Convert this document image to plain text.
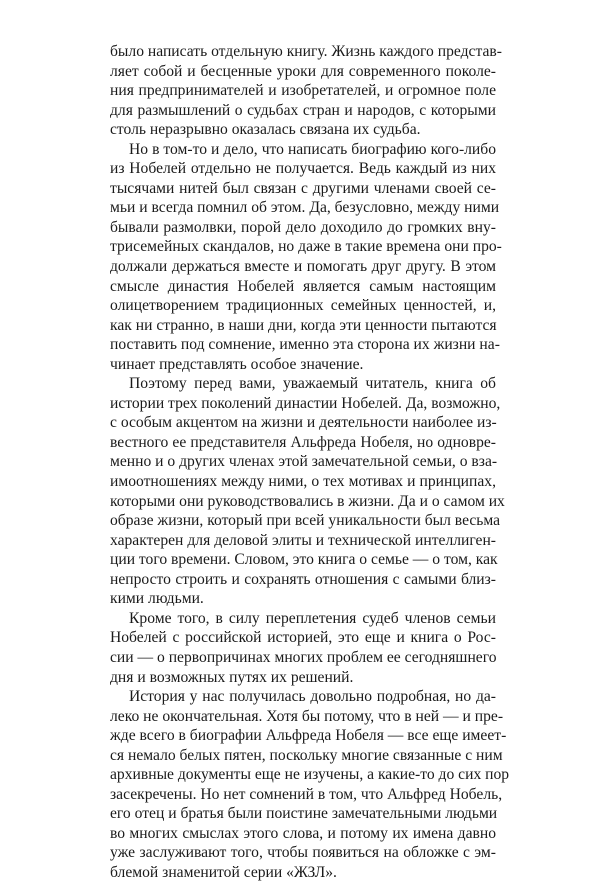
было написать отдельную книгу. Жизнь каждого представ-
ляет собой и бесценные уроки для современного поколе-
ния предпринимателей и изобретателей, и огромное поле
для размышлений о судьбах стран и народов, с которыми
столь неразрывно оказалась связана их судьба.

Но в том-то и дело, что написать биографию кого-либо
из Нобелей отдельно не получается. Ведь каждый из них
тысячами нитей был связан с другими членами своей се-
мьи и всегда помнил об этом. Да, безусловно, между ними
бывали размолвки, порой дело доходило до громких вну-
трисемейных скандалов, но даже в такие времена они про-
должали держаться вместе и помогать друг другу. В этом
смысле династия Нобелей является самым настоящим
олицетворением традиционных семейных ценностей, и,
как ни странно, в наши дни, когда эти ценности пытаются
поставить под сомнение, именно эта сторона их жизни на-
чинает представлять особое значение.

Поэтому перед вами, уважаемый читатель, книга об
истории трех поколений династии Нобелей. Да, возможно,
с особым акцентом на жизни и деятельности наиболее из-
вестного ее представителя Альфреда Нобеля, но одновре-
менно и о других членах этой замечательной семьи, о вза-
имоотношениях между ними, о тех мотивах и принципах,
которыми они руководствовались в жизни. Да и о самом их
образе жизни, который при всей уникальности был весьма
характерен для деловой элиты и технической интеллиген-
ции того времени. Словом, это книга о семье — о том, как
непросто строить и сохранять отношения с самыми близ-
кими людьми.

Кроме того, в силу переплетения судеб членов семьи
Нобелей с российской историей, это еще и книга о Рос-
сии — о первопричинах многих проблем ее сегодняшнего
дня и возможных путях их решений.

История у нас получилась довольно подробная, но да-
леко не окончательная. Хотя бы потому, что в ней — и пре-
жде всего в биографии Альфреда Нобеля — все еще имеет-
ся немало белых пятен, поскольку многие связанные с ним
архивные документы еще не изучены, а какие-то до сих пор
засекречены. Но нет сомнений в том, что Альфред Нобель,
его отец и братья были поистине замечательными людьми
во многих смыслах этого слова, и потому их имена давно
уже заслуживают того, чтобы появиться на обложке с эм-
блемой знаменитой серии «ЖЗЛ».
